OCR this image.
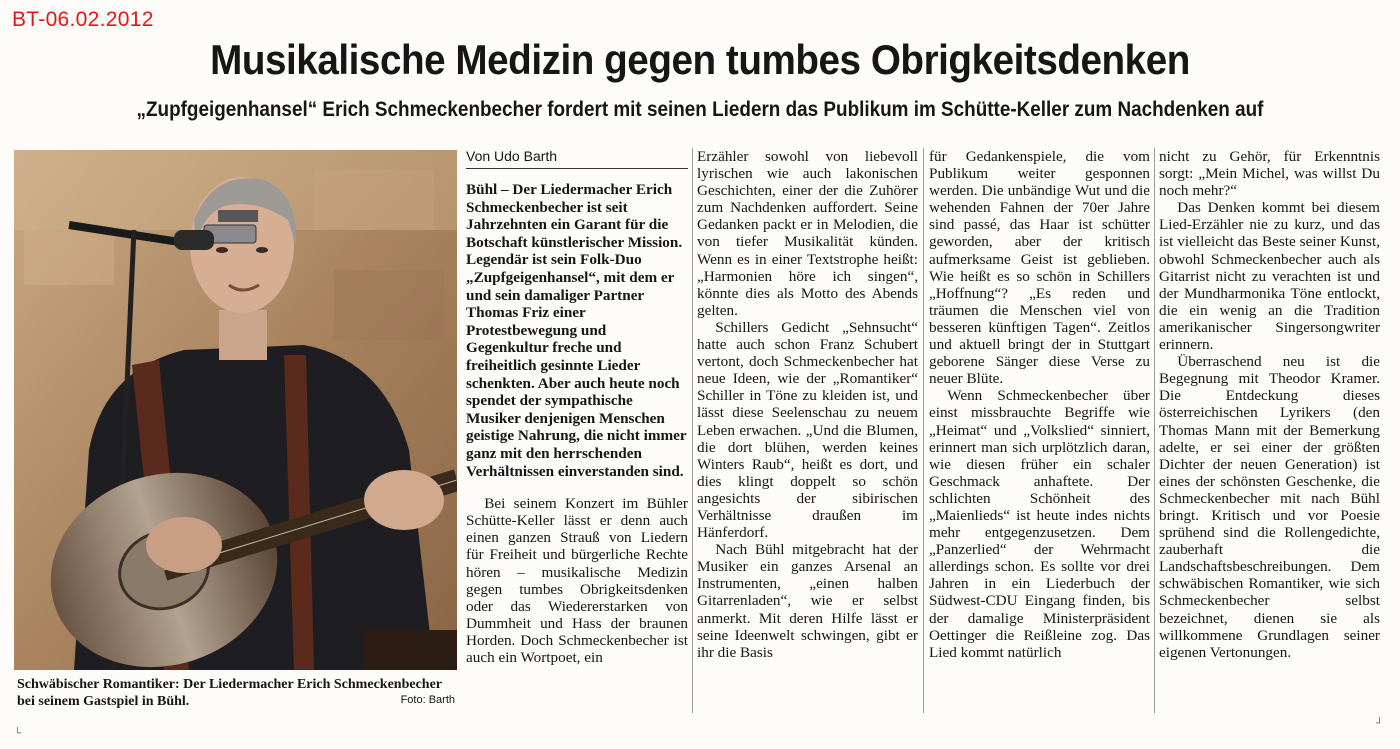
BT-06.02.2012
Musikalische Medizin gegen tumbes Obrigkeitsdenken
„Zupfgeigenhansel“ Erich Schmeckenbecher fordert mit seinen Liedern das Publikum im Schütte-Keller zum Nachdenken auf
Schwäbischer Romantiker: Der Liedermacher Erich Schmeckenbecher bei seinem Gastspiel in Bühl.	Foto: Barth
Von Udo Barth
Bühl – Der Liedermacher Erich Schmeckenbecher ist seit Jahrzehnten ein Garant für die Botschaft künstlerischer Mission. Legendär ist sein Folk-Duo „Zupfgeigenhansel“, mit dem er und sein damaliger Partner Thomas Friz einer Protestbewegung und Gegenkultur freche und freiheitlich gesinnte Lieder schenkten. Aber auch heute noch spendet der sympathische Musiker denjenigen Menschen geistige Nahrung, die nicht immer ganz mit den herrschenden Verhältnissen einverstanden sind.

Bei seinem Konzert im Bühler Schütte-Keller lässt er denn auch einen ganzen Strauß von Liedern für Freiheit und bürgerliche Rechte hören – musikalische Medizin gegen tumbes Obrigkeitsdenken oder das Wiedererstarken von Dummheit und Hass der braunen Horden. Doch Schmeckenbecher ist auch ein Wortpoet, ein

Erzähler sowohl von liebevoll lyrischen wie auch lakonischen Geschichten, einer der die Zuhörer zum Nachdenken auffordert. Seine Gedanken packt er in Melodien, die von tiefer Musikalität künden. Wenn es in einer Textstrophe heißt: „Harmonien höre ich singen“, könnte dies als Motto des Abends gelten.

Schillers Gedicht „Sehnsucht“ hatte auch schon Franz Schubert vertont, doch Schmeckenbecher hat neue Ideen, wie der „Romantiker“ Schiller in Töne zu kleiden ist, und lässt diese Seelenschau zu neuem Leben erwachen. „Und die Blumen, die dort blühen, werden keines Winters Raub“, heißt es dort, und dies klingt doppelt so schön angesichts der sibirischen Verhältnisse draußen im Hänferdorf.

Nach Bühl mitgebracht hat der Musiker ein ganzes Arsenal an Instrumenten, „einen halben Gitarrenladen“, wie er selbst anmerkt. Mit deren Hilfe lässt er seine Ideenwelt schwingen, gibt er ihr die Basis

für Gedankenspiele, die vom Publikum weiter gesponnen werden. Die unbändige Wut und die wehenden Fahnen der 70er Jahre sind passé, das Haar ist schütter geworden, aber der kritisch aufmerksame Geist ist geblieben. Wie heißt es so schön in Schillers „Hoffnung“? „Es reden und träumen die Menschen viel von besseren künftigen Tagen“. Zeitlos und aktuell bringt der in Stuttgart geborene Sänger diese Verse zu neuer Blüte.

Wenn Schmeckenbecher über einst missbrauchte Begriffe wie „Heimat“ und „Volkslied“ sinniert, erinnert man sich urplötzlich daran, wie diesen früher ein schaler Geschmack anhaftete. Der schlichten Schönheit des „Maienlieds“ ist heute indes nichts mehr entgegenzusetzen. Dem „Panzerlied“ der Wehrmacht allerdings schon. Es sollte vor drei Jahren in ein Liederbuch der Südwest-CDU Eingang finden, bis der damalige Ministerpräsident Oettinger die Reißleine zog. Das Lied kommt natürlich

nicht zu Gehör, für Erkenntnis sorgt: „Mein Michel, was willst Du noch mehr?“

Das Denken kommt bei diesem Lied-Erzähler nie zu kurz, und das ist vielleicht das Beste seiner Kunst, obwohl Schmeckenbecher auch als Gitarrist nicht zu verachten ist und der Mundharmonika Töne entlockt, die ein wenig an die Tradition amerikanischer Singersongwriter erinnern.

Überraschend neu ist die Begegnung mit Theodor Kramer. Die Entdeckung dieses österreichischen Lyrikers (den Thomas Mann mit der Bemerkung adelte, er sei einer der größten Dichter der neuen Generation) ist eines der schönsten Geschenke, die Schmeckenbecher mit nach Bühl bringt. Kritisch und vor Poesie sprühend sind die Rollengedichte, zauberhaft die Landschaftsbeschreibungen. Dem schwäbischen Romantiker, wie sich Schmeckenbecher selbst bezeichnet, dienen sie als willkommene Grundlagen seiner eigenen Vertonungen.

└
┘
